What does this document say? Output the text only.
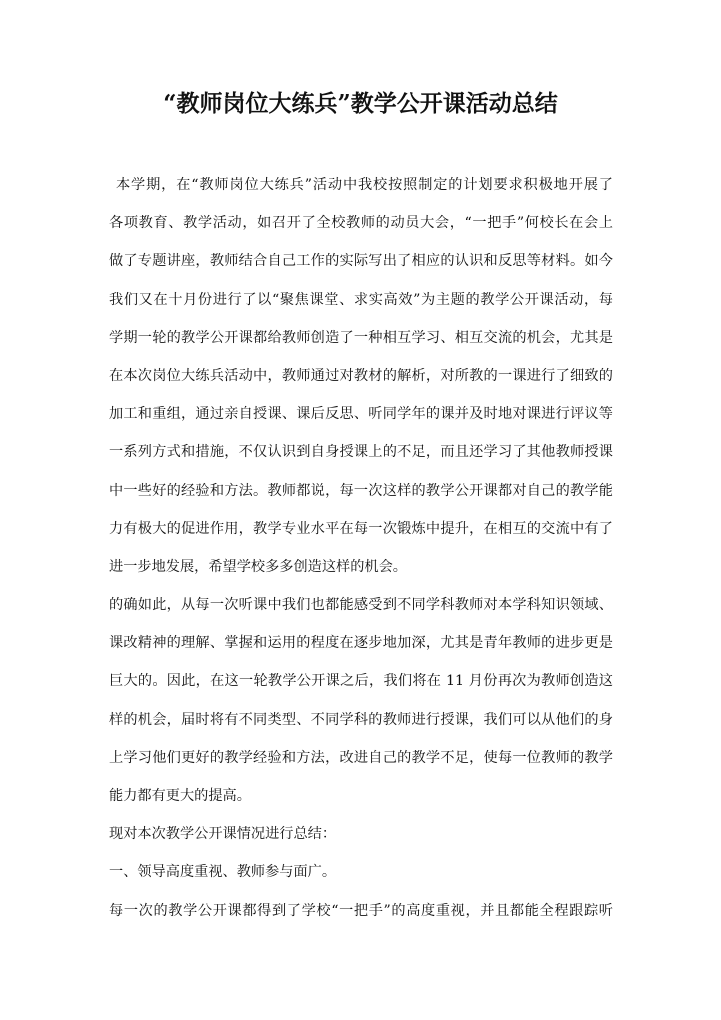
“教师岗位大练兵”教学公开课活动总结
本学期，在“教师岗位大练兵”活动中我校按照制定的计划要求积极地开展了
各项教育、教学活动，如召开了全校教师的动员大会，“一把手”何校长在会上
做了专题讲座，教师结合自己工作的实际写出了相应的认识和反思等材料。如今
我们又在十月份进行了以“聚焦课堂、求实高效”为主题的教学公开课活动，每
学期一轮的教学公开课都给教师创造了一种相互学习、相互交流的机会，尤其是
在本次岗位大练兵活动中，教师通过对教材的解析，对所教的一课进行了细致的
加工和重组，通过亲自授课、课后反思、听同学年的课并及时地对课进行评议等
一系列方式和措施，不仅认识到自身授课上的不足，而且还学习了其他教师授课
中一些好的经验和方法。教师都说，每一次这样的教学公开课都对自己的教学能
力有极大的促进作用，教学专业水平在每一次锻炼中提升，在相互的交流中有了
进一步地发展，希望学校多多创造这样的机会。
的确如此，从每一次听课中我们也都能感受到不同学科教师对本学科知识领域、
课改精神的理解、掌握和运用的程度在逐步地加深，尤其是青年教师的进步更是
巨大的。因此，在这一轮教学公开课之后，我们将在 11 月份再次为教师创造这
样的机会，届时将有不同类型、不同学科的教师进行授课，我们可以从他们的身
上学习他们更好的教学经验和方法，改进自己的教学不足，使每一位教师的教学
能力都有更大的提高。
现对本次教学公开课情况进行总结：
一、领导高度重视、教师参与面广。
每一次的教学公开课都得到了学校“一把手”的高度重视，并且都能全程跟踪听
